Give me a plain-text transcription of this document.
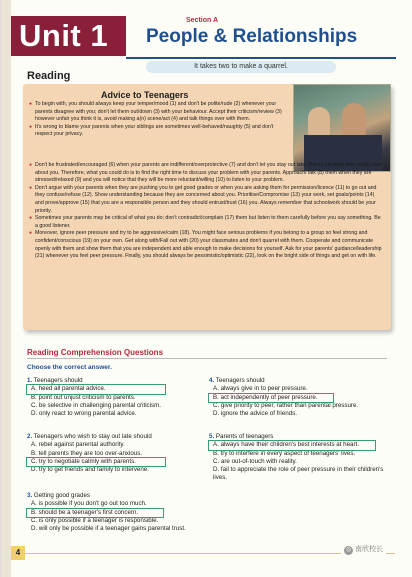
Unit 1	Section A
People & Relationships
It takes two to make a quarrel.
Reading
Advice to Teenagers
● To begin with, you should always keep your temper/mood (1) and don't be polite/rude (2) whenever your parents disagree with you; don't let them out/down (3) with your behaviour. Accept their criticism/review (3) however unfair you think it is, avoid making a(n) scene/act (4) and talk things over with them.
● It's wrong to blame your parents when your siblings are sometimes well-behaved/naughty (5) and don't respect your privacy.
● Don't be frustrated/encouraged (6) when your parents are indifferent/overprotective (7) and don't let you stay out late. This is because they really care about you. Therefore, what you could do is to find the right time to discuss your problem with your parents. Approach/Talk (8) them when they are stressed/relaxed (9) and you will notice that they will be more reluctant/willing (10) to listen to your problem.
● Don't argue with your parents when they are pushing you to get good grades or when you are asking them for permission/licence (11) to go out and they confuse/refuse (12). Show understanding because they are concerned about you. Prioritise/Compromise (13) your work, set goals/points (14) and prove/approve (15) that you are a responsible person and they should entrust/trust (16) you. Always remember that schoolwork should be your priority.
● Sometimes your parents may be critical of what you do; don't contradict/complain (17) them but listen to them carefully before you say something. Be a good listener.
● Moreover, ignore peer pressure and try to be aggressive/calm (18). You might face serious problems if you belong to a group so feel strong and confident/conscious (19) on your own. Get along with/Fall out with (20) your classmates and don't quarrel with them. Cooperate and communicate openly with them and show them that you are independent and able enough to make decisions for yourself. Ask for your parents' guidance/leadership (21) whenever you feel peer pressure. Finally, you should always be pessimistic/optimistic (22), look on the bright side of things and get on with life.
Reading Comprehension Questions
Choose the correct answer.
1. Teenagers should
A. heed all parental advice.
B. point out unjust criticism to parents.
C. be selective in challenging parental criticism.
D. only react to wrong parental advice.
2. Teenagers who wish to stay out late should
A. rebel against parental authority.
B. tell parents they are too over-anxious.
C. try to negotiate calmly with parents.
D. try to get friends and family to intervene.
3. Getting good grades
A. is possible if you don't go out too much.
B. should be a teenager's first concern.
C. is only possible if a teenager is responsible.
D. will only be possible if a teenager gains parental trust.
4. Teenagers should
A. always give in to peer pressure.
B. act independently of peer pressure.
C. give priority to peer, rather than parental pressure.
D. ignore the advice of friends.
5. Parents of teenagers
A. always have their children's best interests at heart.
B. try to interfere in every aspect of teenagers' lives.
C. are out-of-touch with reality.
D. fail to appreciate the role of peer pressure in their children's lives.
4	◎ 南欣校长
